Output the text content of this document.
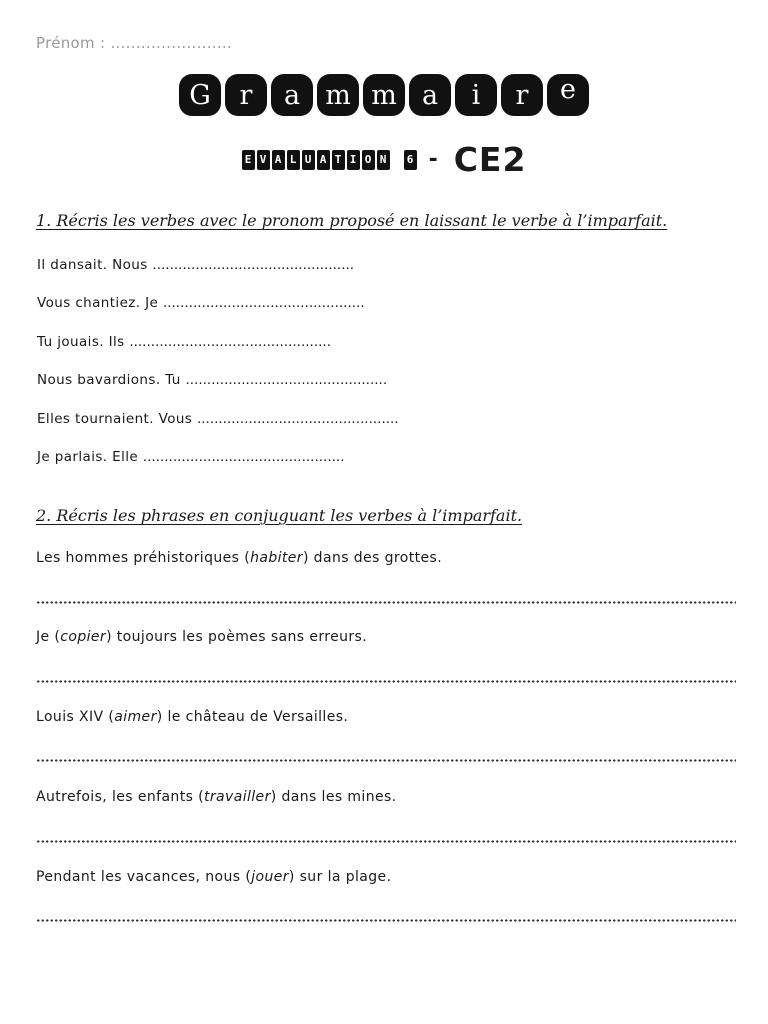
Prénom : ........................
G	r	a m m a	i	r	e
E V A L U A T I O N 6 - CE2
1. Récris les verbes avec le pronom proposé en laissant le verbe à l’imparfait.
Il dansait. Nous ...............................................
Vous chantiez. Je ...............................................
Tu jouais. Ils ...............................................
Nous bavardions. Tu ...............................................
Elles tournaient. Vous ...............................................
Je parlais. Elle ...............................................
2. Récris les phrases en conjuguant les verbes à l’imparfait.
Les hommes préhistoriques (habiter) dans des grottes.
Je (copier) toujours les poèmes sans erreurs.
Louis XIV (aimer) le château de Versailles.
Autrefois, les enfants (travailler) dans les mines.
Pendant les vacances, nous (jouer) sur la plage.
